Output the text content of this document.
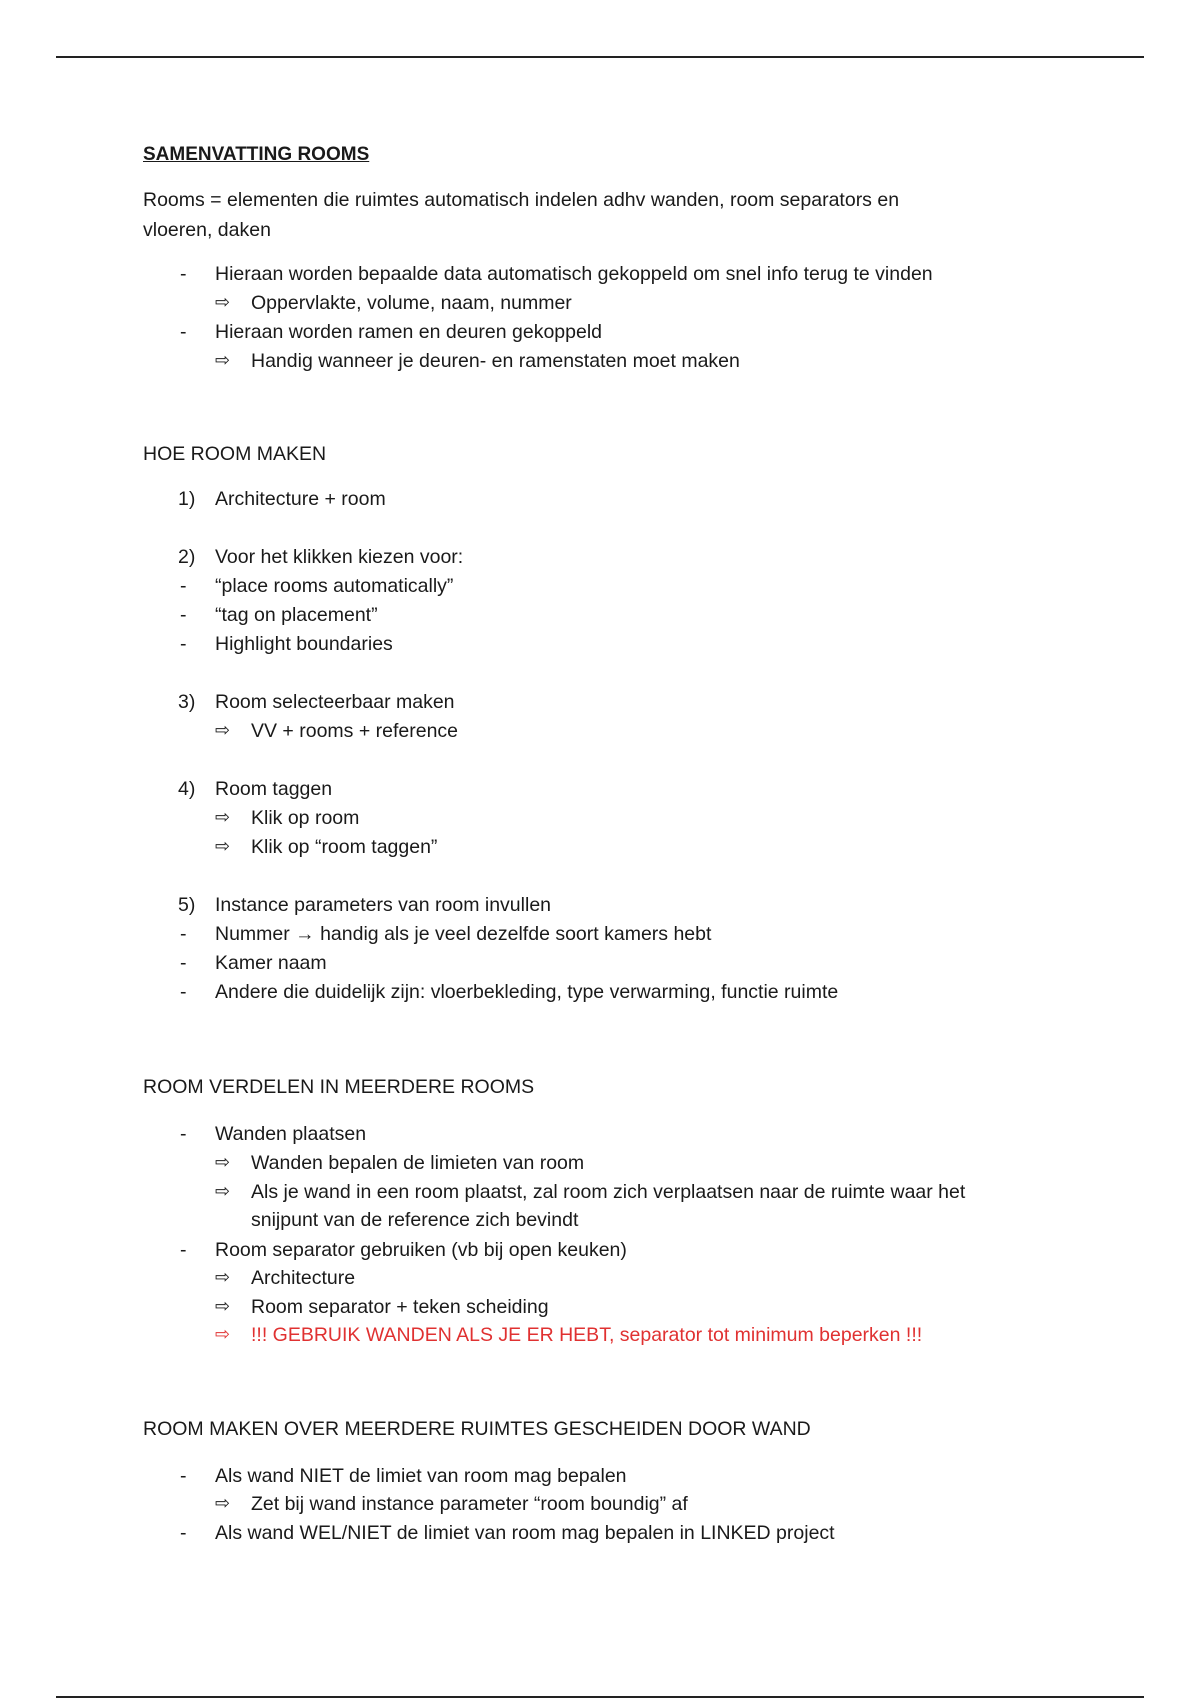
SAMENVATTING ROOMS
Rooms = elementen die ruimtes automatisch indelen adhv wanden, room separators en
vloeren, daken
- Hieraan worden bepaalde data automatisch gekoppeld om snel info terug te vinden
⇨ Oppervlakte, volume, naam, nummer
- Hieraan worden ramen en deuren gekoppeld
⇨ Handig wanneer je deuren- en ramenstaten moet maken
HOE ROOM MAKEN
1) Architecture + room
2) Voor het klikken kiezen voor:
- “place rooms automatically”
- “tag on placement”
- Highlight boundaries
3) Room selecteerbaar maken
⇨ VV + rooms + reference
4) Room taggen
⇨ Klik op room
⇨ Klik op “room taggen”
5) Instance parameters van room invullen
- Nummer → handig als je veel dezelfde soort kamers hebt
- Kamer naam
- Andere die duidelijk zijn: vloerbekleding, type verwarming, functie ruimte
ROOM VERDELEN IN MEERDERE ROOMS
- Wanden plaatsen
⇨ Wanden bepalen de limieten van room
⇨ Als je wand in een room plaatst, zal room zich verplaatsen naar de ruimte waar het
snijpunt van de reference zich bevindt
- Room separator gebruiken (vb bij open keuken)
⇨ Architecture
⇨ Room separator + teken scheiding
⇨ !!! GEBRUIK WANDEN ALS JE ER HEBT, separator tot minimum beperken !!!
ROOM MAKEN OVER MEERDERE RUIMTES GESCHEIDEN DOOR WAND
- Als wand NIET de limiet van room mag bepalen
⇨ Zet bij wand instance parameter “room boundig” af
- Als wand WEL/NIET de limiet van room mag bepalen in LINKED project
